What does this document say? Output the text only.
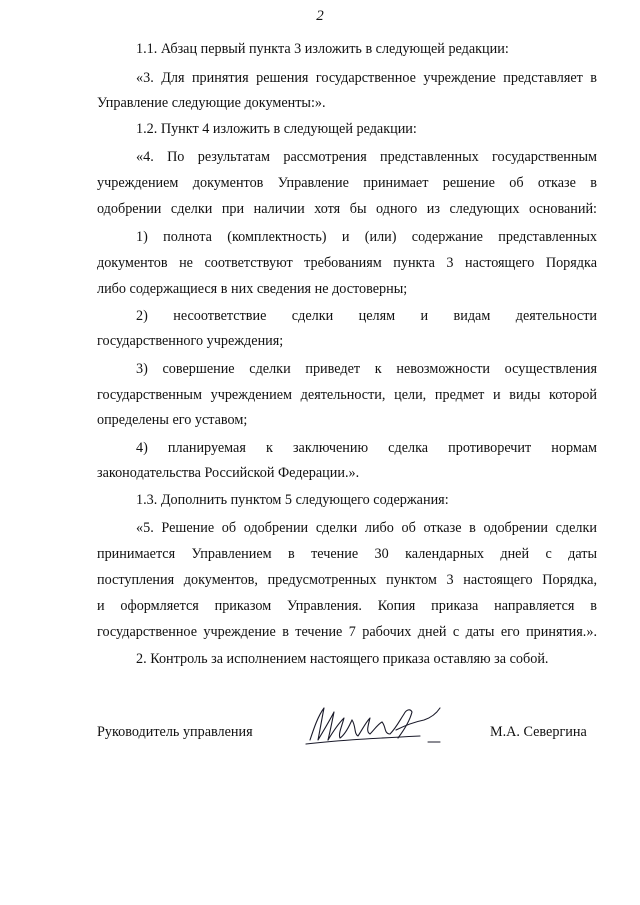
2
1.1. Абзац первый пункта 3 изложить в следующей редакции:
«3. Для принятия решения государственное учреждение представляет в
Управление следующие документы:».
1.2. Пункт 4 изложить в следующей редакции:
«4. По результатам рассмотрения представленных государственным
учреждением документов Управление принимает решение об отказе в
одобрении сделки при наличии хотя бы одного из следующих оснований:
1) полнота (комплектность) и (или) содержание представленных
документов не соответствуют требованиям пункта 3 настоящего Порядка
либо содержащиеся в них сведения не достоверны;
2) несоответствие сделки целям и видам деятельности
государственного учреждения;
3) совершение сделки приведет к невозможности осуществления
государственным учреждением деятельности, цели, предмет и виды которой
определены его уставом;
4) планируемая к заключению сделка противоречит нормам
законодательства Российской Федерации.».
1.3. Дополнить пунктом 5 следующего содержания:
«5. Решение об одобрении сделки либо об отказе в одобрении сделки
принимается Управлением в течение 30 календарных дней с даты
поступления документов, предусмотренных пунктом 3 настоящего Порядка,
и оформляется приказом Управления. Копия приказа направляется в
государственное учреждение в течение 7 рабочих дней с даты его принятия.».
2. Контроль за исполнением настоящего приказа оставляю за собой.
Руководитель управления	М.А. Севергина
